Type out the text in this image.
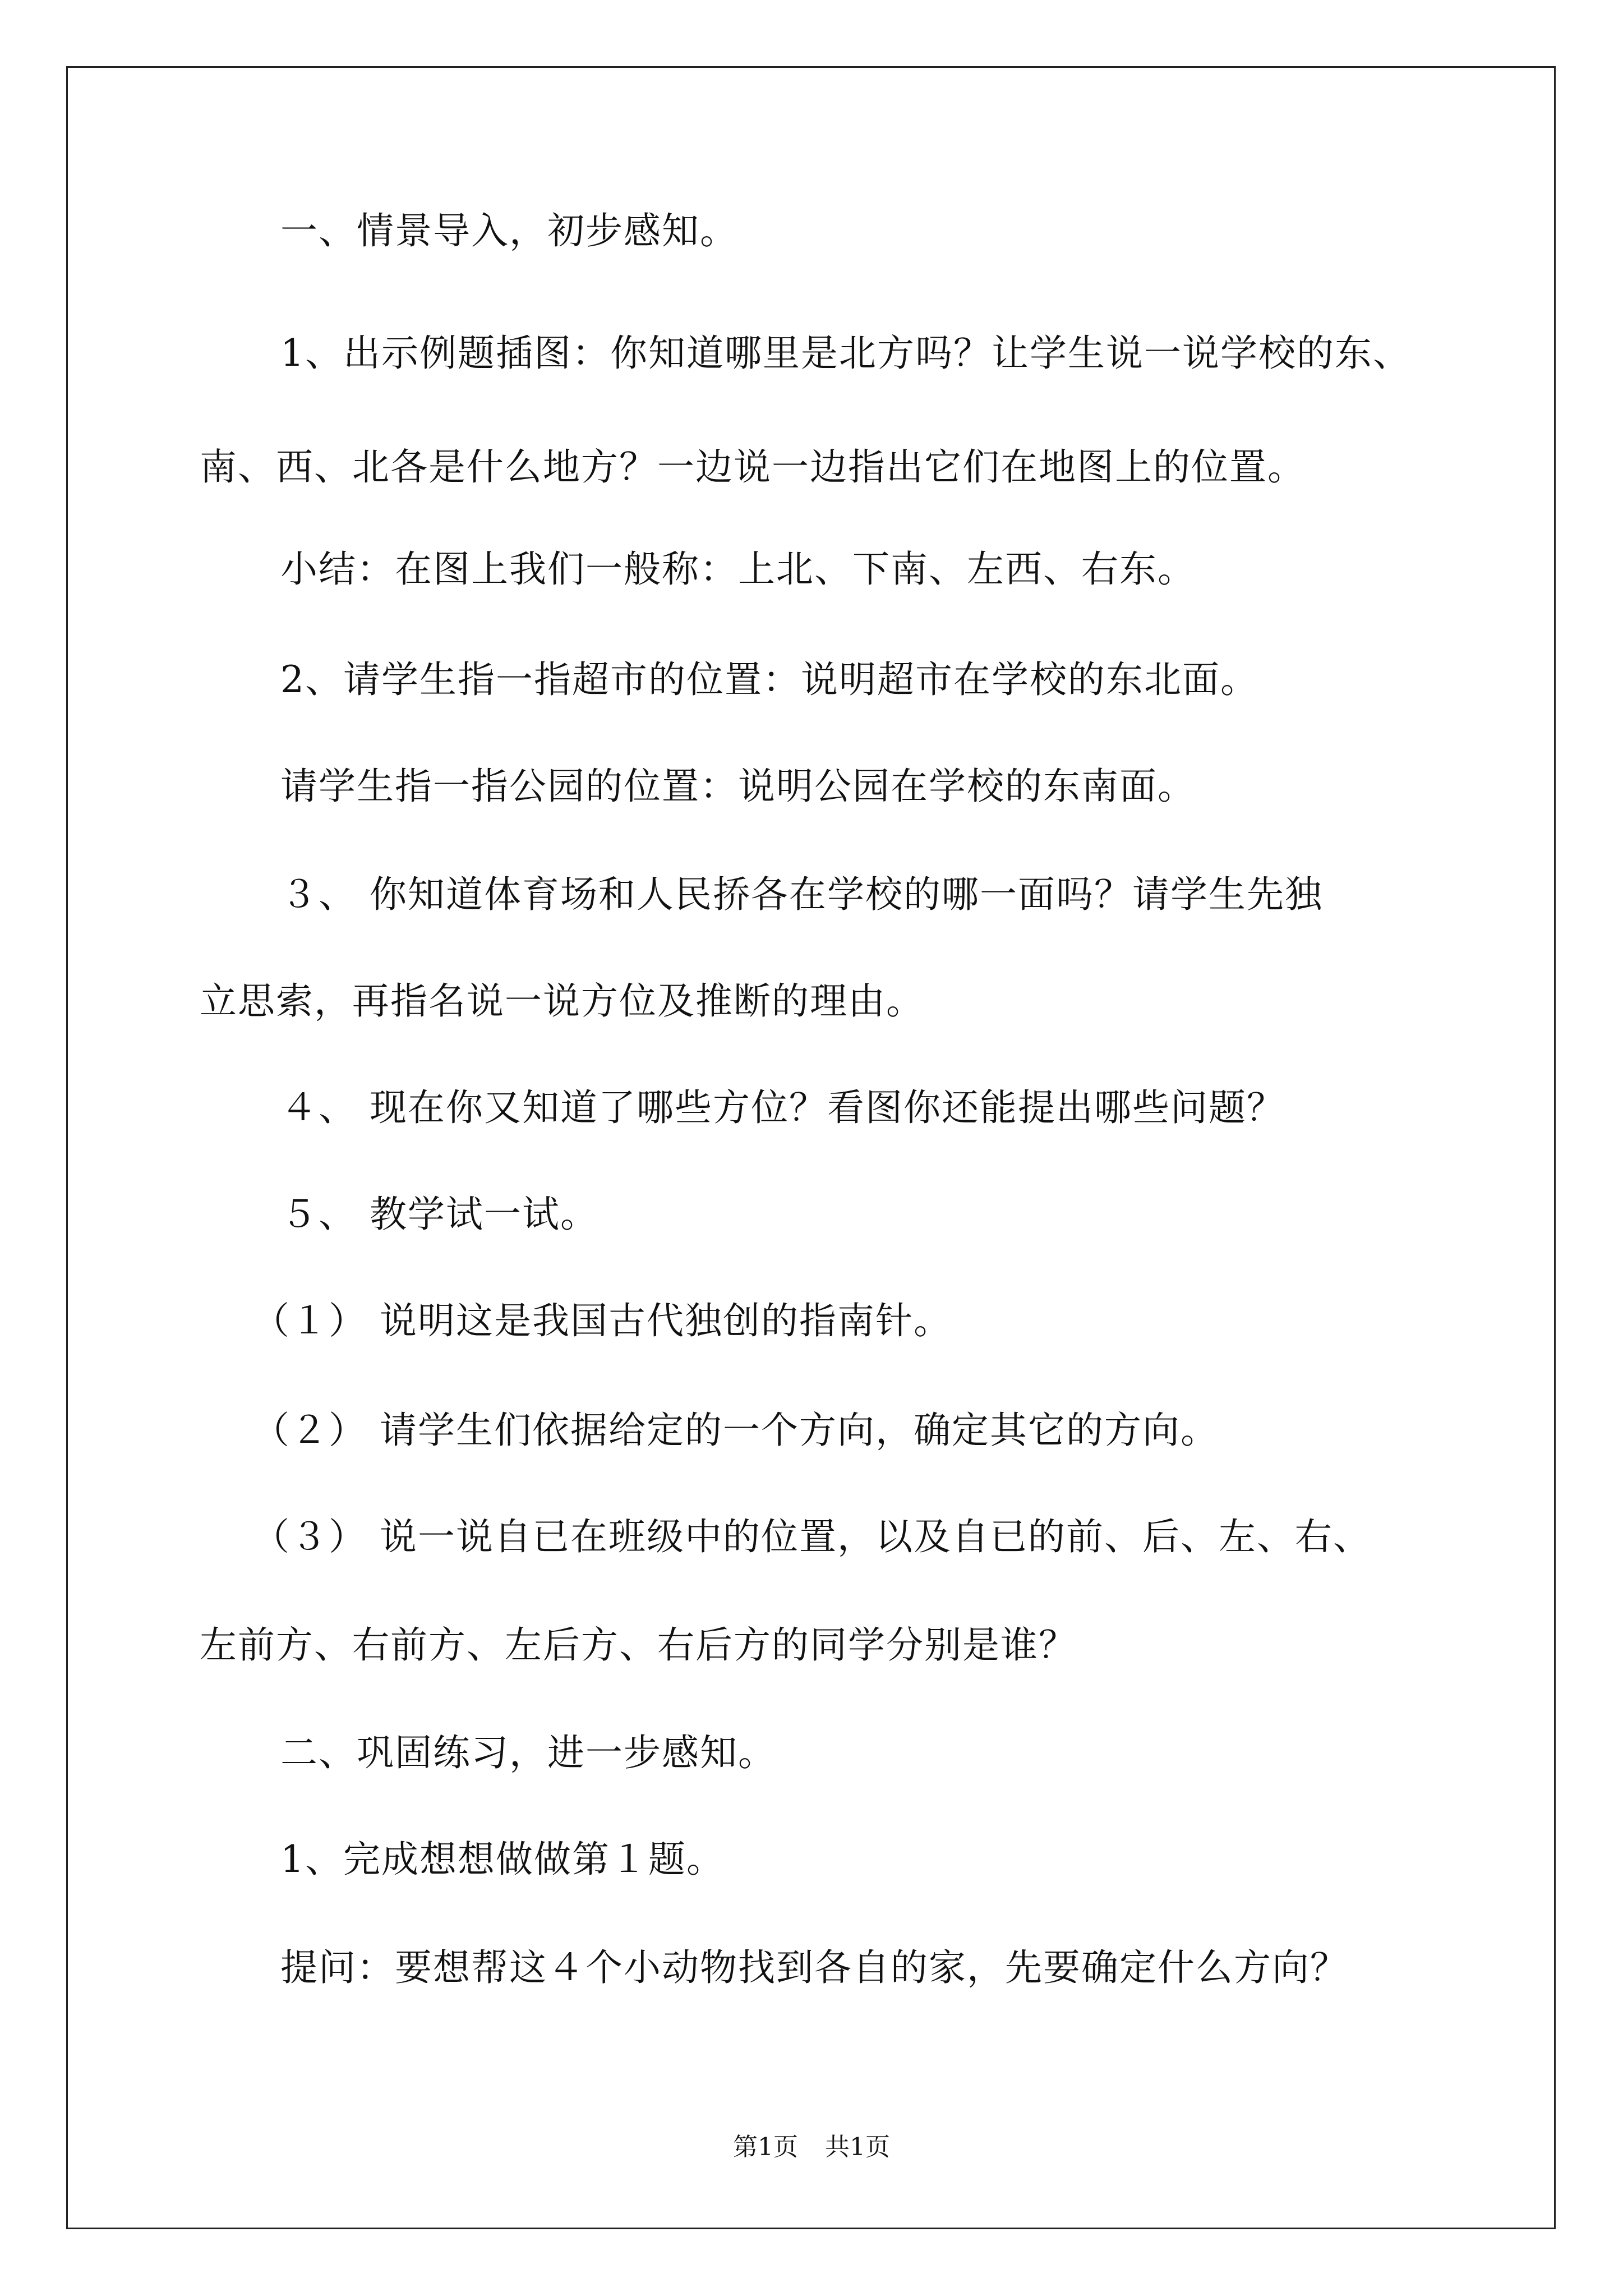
一、情景导入，初步感知。
1、出示例题插图：你知道哪里是北方吗？让学生说一说学校的东、
南、西、北各是什么地方？一边说一边指出它们在地图上的位置。
小结：在图上我们一般称：上北、下南、左西、右东。
2、请学生指一指超市的位置：说明超市在学校的东北面。
请学生指一指公园的位置：说明公园在学校的东南面。
３、 你知道体育场和人民挢各在学校的哪一面吗？请学生先独
立思索，再指名说一说方位及推断的理由。
４、 现在你又知道了哪些方位？看图你还能提出哪些问题？
５、 教学试一试。
（１） 说明这是我国古代独创的指南针。
（２） 请学生们依据给定的一个方向，确定其它的方向。
（３） 说一说自已在班级中的位置，以及自已的前、后、左、右、
左前方、右前方、左后方、右后方的同学分别是谁？
二、巩固练习，进一步感知。
1、完成想想做做第１题。
提问：要想帮这４个小动物找到各自的家，先要确定什么方向？
第1页 共1页
